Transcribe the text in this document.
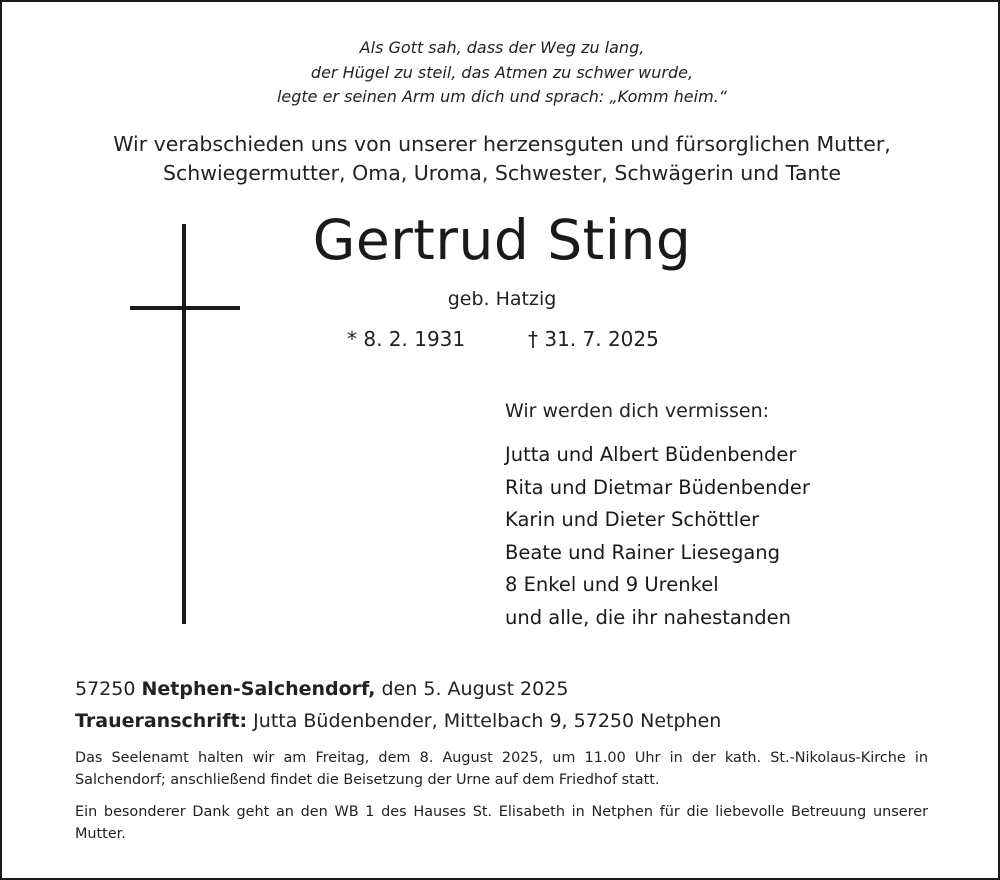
Als Gott sah, dass der Weg zu lang,
der Hügel zu steil, das Atmen zu schwer wurde,
legte er seinen Arm um dich und sprach: „Komm heim.“
Wir verabschieden uns von unserer herzensguten und fürsorglichen Mutter,
Schwiegermutter, Oma, Uroma, Schwester, Schwägerin und Tante
Gertrud Sting
geb. Hatzig
* 8. 2. 1931	† 31. 7. 2025
Wir werden dich vermissen:
Jutta und Albert Büdenbender
Rita und Dietmar Büdenbender
Karin und Dieter Schöttler
Beate und Rainer Liesegang
8 Enkel und 9 Urenkel
und alle, die ihr nahestanden
57250 Netphen-Salchendorf, den 5. August 2025
Traueranschrift: Jutta Büdenbender, Mittelbach 9, 57250 Netphen
Das Seelenamt halten wir am Freitag, dem 8. August 2025, um 11.00 Uhr in der kath. St.-Nikolaus-Kirche in Salchendorf; anschließend findet die Beisetzung der Urne auf dem Friedhof statt.
Ein besonderer Dank geht an den WB 1 des Hauses St. Elisabeth in Netphen für die liebevolle Betreuung unserer Mutter.
